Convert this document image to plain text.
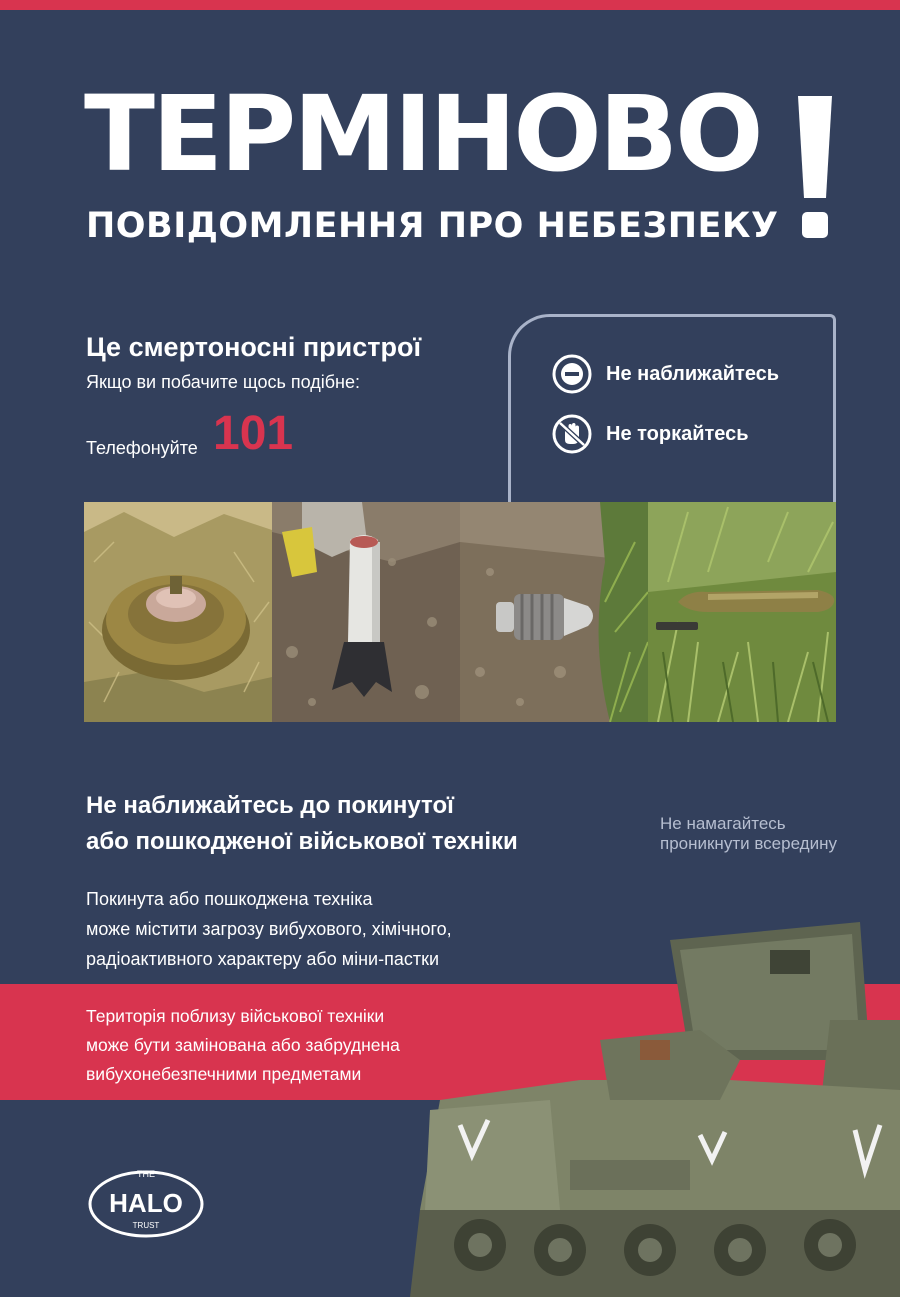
ТЕРМІНОВО
ПОВІДОМЛЕННЯ ПРО НЕБЕЗПЕКУ
Це смертоносні пристрої
Якщо ви побачите щось подібне:
Телефонуйте 101
Не наближайтесь
Не торкайтесь
Не наближайтесь до покинутої
або пошкодженої військової техніки
Не намагайтесь
проникнути всередину
Покинута або пошкоджена техніка
може містити загрозу вибухового, хімічного,
радіоактивного характеру або міни-пастки
Територія поблизу військової техніки
може бути замінована або забруднена
вибухонебезпечними предметами
THE
HALO
TRUST
